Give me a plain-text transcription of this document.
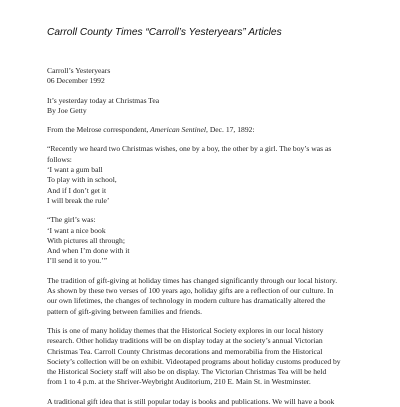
Carroll County Times “Carroll’s Yesteryears” Articles
Carroll’s Yesteryears
06 December 1992
It’s yesterday today at Christmas Tea
By Joe Getty
From the Melrose correspondent, American Sentinel, Dec. 17, 1892:
“Recently we heard two Christmas wishes, one by a boy, the other by a girl. The boy’s was as
follows:
‘I want a gum ball
To play with in school,
And if I don’t get it
I will break the rule’
“The girl’s was:
‘I want a nice book
With pictures all through;
And when I’m done with it
I’ll send it to you.’”
The tradition of gift-giving at holiday times has changed significantly through our local history.
As shown by these two verses of 100 years ago, holiday gifts are a reflection of our culture. In
our own lifetimes, the changes of technology in modern culture has dramatically altered the
pattern of gift-giving between families and friends.
This is one of many holiday themes that the Historical Society explores in our local history
research. Other holiday traditions will be on display today at the society’s annual Victorian
Christmas Tea. Carroll County Christmas decorations and memorabilia from the Historical
Society’s collection will be on exhibit. Videotaped programs about holiday customs produced by
the Historical Society staff will also be on display. The Victorian Christmas Tea will be held
from 1 to 4 p.m. at the Shriver-Weybright Auditorium, 210 E. Main St. in Westminster.
A traditional gift idea that is still popular today is books and publications. We will have a book
